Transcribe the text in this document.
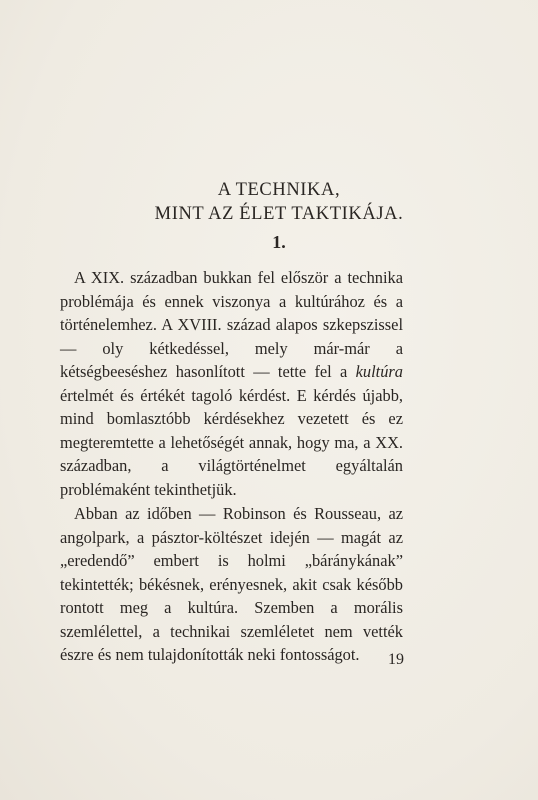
A TECHNIKA,
MINT AZ ÉLET TAKTIKÁJA.
1.

A XIX. században bukkan fel először a technika problémája és ennek viszonya a kultúrához és a történelemhez. A XVIII. század alapos szkepszissel — oly kétkedéssel, mely már-már a kétségbeeséshez hasonlított — tette fel a kultúra értelmét és értékét tagoló kérdést. E kérdés újabb, mind bomlasztóbb kérdésekhez vezetett és ez megteremtette a lehetőségét annak, hogy ma, a XX. században, a világtörténelmet egyáltalán problémaként tekinthetjük.

Abban az időben — Robinson és Rousseau, az angolpark, a pásztor-költészet idején — magát az „eredendő” embert is holmi „báránykának” tekintették; békésnek, erényesnek, akit csak később rontott meg a kultúra. Szemben a morális szemlélettel, a technikai szemléletet nem vették észre és nem tulajdonították neki fontosságot.	19
